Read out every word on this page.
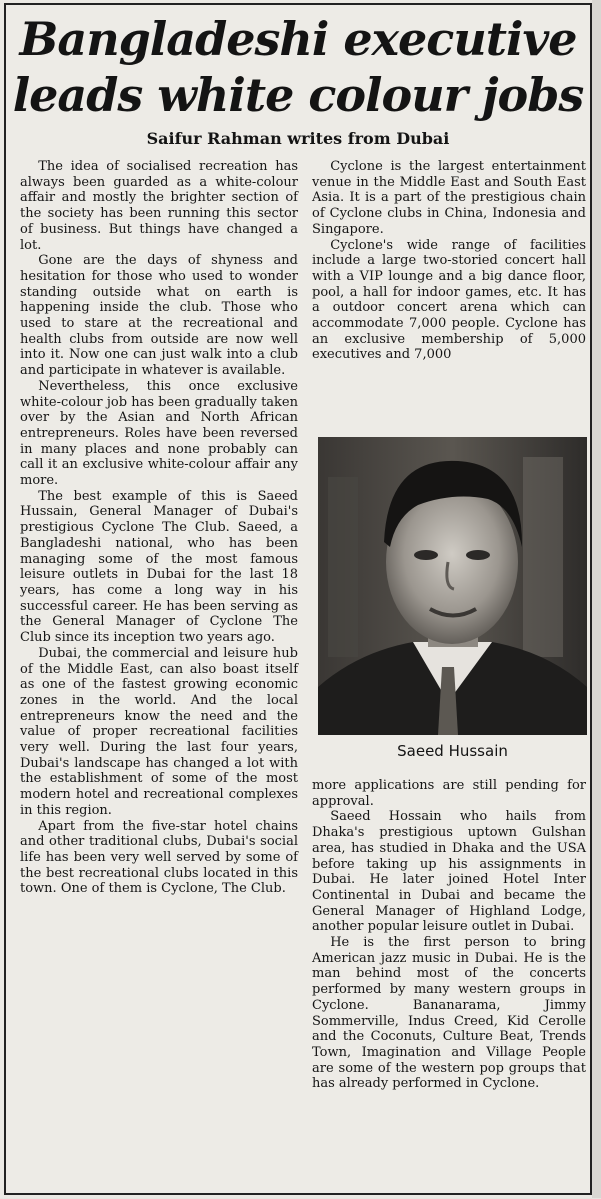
Bangladeshi executive
leads white colour jobs

Saifur Rahman writes from Dubai

The idea of socialised recreation has always been guarded as a white-colour affair and mostly the brighter section of the society has been running this sector of business. But things have changed a lot.

Gone are the days of shyness and hesitation for those who used to wonder standing outside what on earth is happening inside the club. Those who used to stare at the recreational and health clubs from outside are now well into it. Now one can just walk into a club and participate in whatever is available.

Nevertheless, this once exclusive white-colour job has been gradually taken over by the Asian and North African entrepreneurs. Roles have been reversed in many places and none probably can call it an exclusive white-colour affair any more.

The best example of this is Saeed Hussain, General Manager of Dubai's prestigious Cyclone The Club. Saeed, a Bangladeshi national, who has been managing some of the most famous leisure outlets in Dubai for the last 18 years, has come a long way in his successful career. He has been serving as the General Manager of Cyclone The Club since its inception two years ago.

Dubai, the commercial and leisure hub of the Middle East, can also boast itself as one of the fastest growing economic zones in the world. And the local entrepreneurs know the need and the value of proper recreational facilities very well. During the last four years, Dubai's landscape has changed a lot with the establishment of some of the most modern hotel and recreational complexes in this region.

Apart from the five-star hotel chains and other traditional clubs, Dubai's social life has been very well served by some of the best recreational clubs located in this town. One of them is Cyclone, The Club.

Cyclone is the largest entertainment venue in the Middle East and South East Asia. It is a part of the prestigious chain of Cyclone clubs in China, Indonesia and Singapore.

Cyclone's wide range of facilities include a large two-storied concert hall with a VIP lounge and a big dance floor, pool, a hall for indoor games, etc. It has a outdoor concert arena which can accommodate 7,000 people. Cyclone has an exclusive membership of 5,000 executives and 7,000

Saeed Hussain

more applications are still pending for approval.

Saeed Hossain who hails from Dhaka's prestigious uptown Gulshan area, has studied in Dhaka and the USA before taking up his assignments in Dubai. He later joined Hotel Inter Continental in Dubai and became the General Manager of Highland Lodge, another popular leisure outlet in Dubai.

He is the first person to bring American jazz music in Dubai. He is the man behind most of the concerts performed by many western groups in Cyclone. Bananarama, Jimmy Sommerville, Indus Creed, Kid Cerolle and the Coconuts, Culture Beat, Trends Town, Imagination and Village People are some of the western pop groups that has already performed in Cyclone.
